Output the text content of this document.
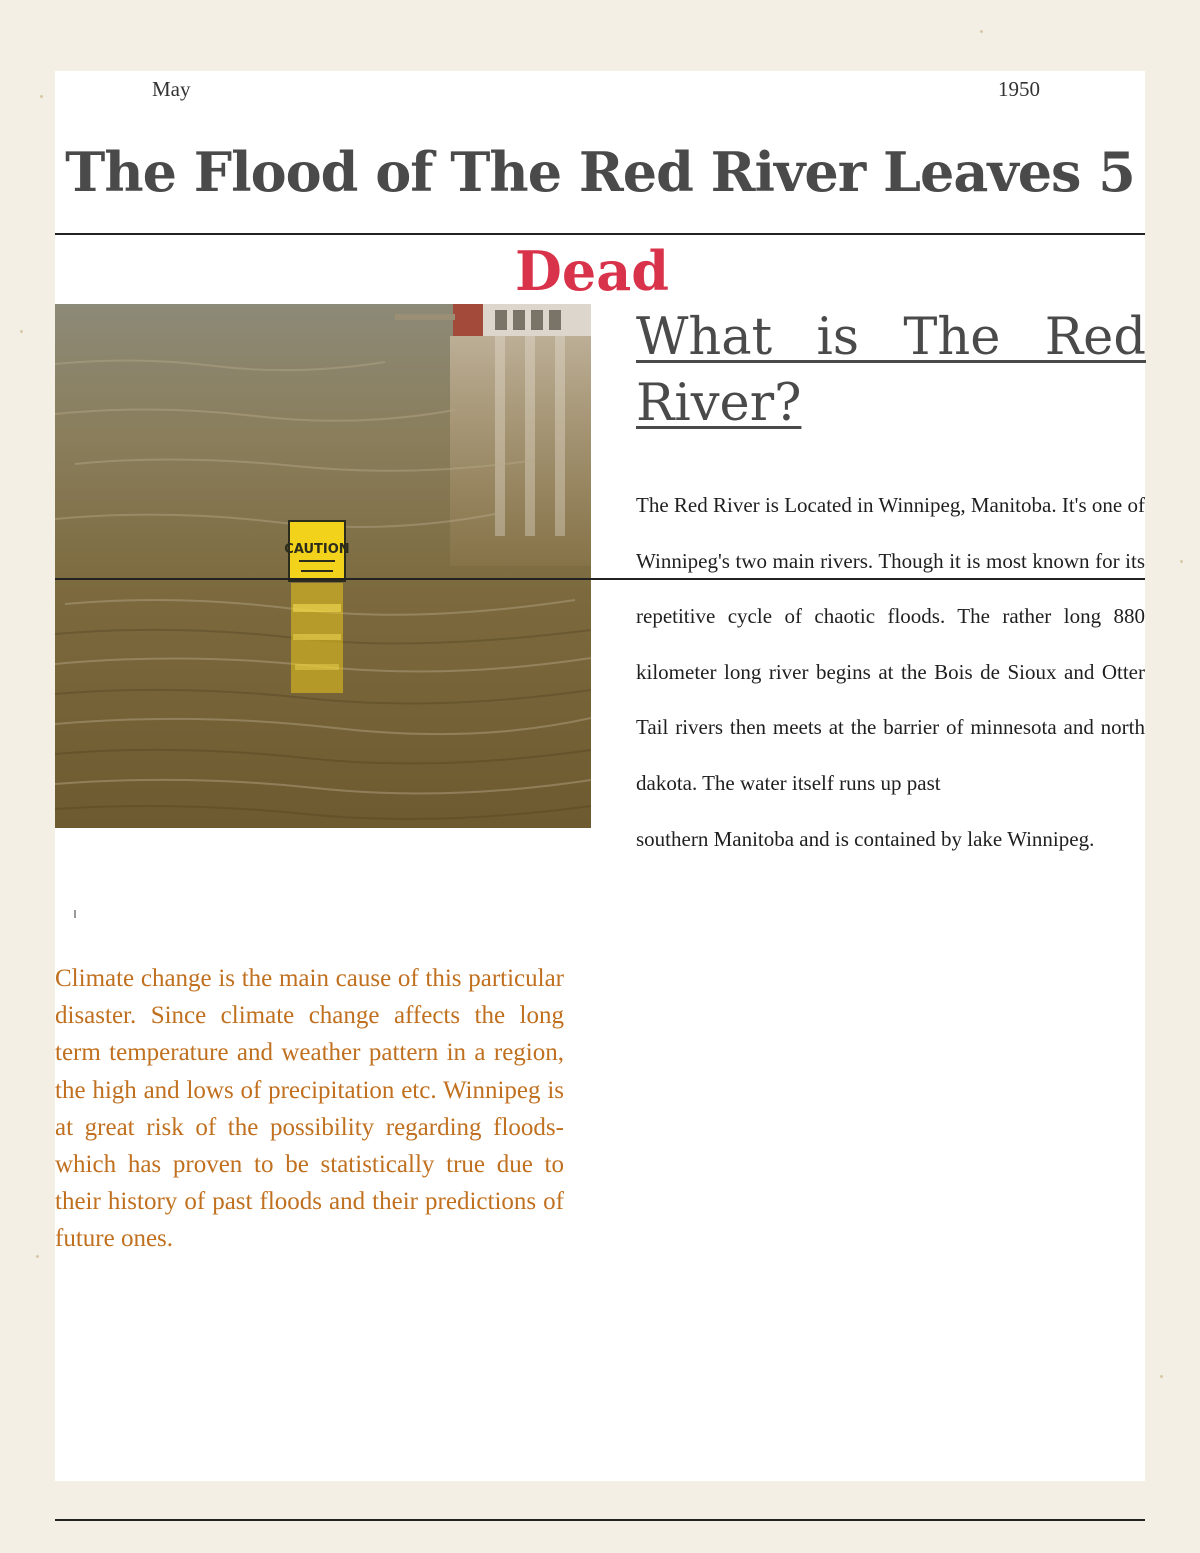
May	1950
The Flood of The Red River Leaves 5
Dead
CAUTION
What is The Red River?

The Red River is Located in Winnipeg, Manitoba. It's one of Winnipeg's two main rivers. Though it is most known for its repetitive cycle of chaotic floods. The rather long 880 kilometer long river begins at the Bois de Sioux and Otter Tail rivers then meets at the barrier of minnesota and north dakota. The water itself runs up past

southern Manitoba and is contained by lake Winnipeg.

Climate change is the main cause of this particular disaster. Since climate change affects the long term temperature and weather pattern in a region, the high and lows of precipitation etc. Winnipeg is at great risk of the possibility regarding floods- which has proven to be statistically true due to their history of past floods and their predictions of future ones.
